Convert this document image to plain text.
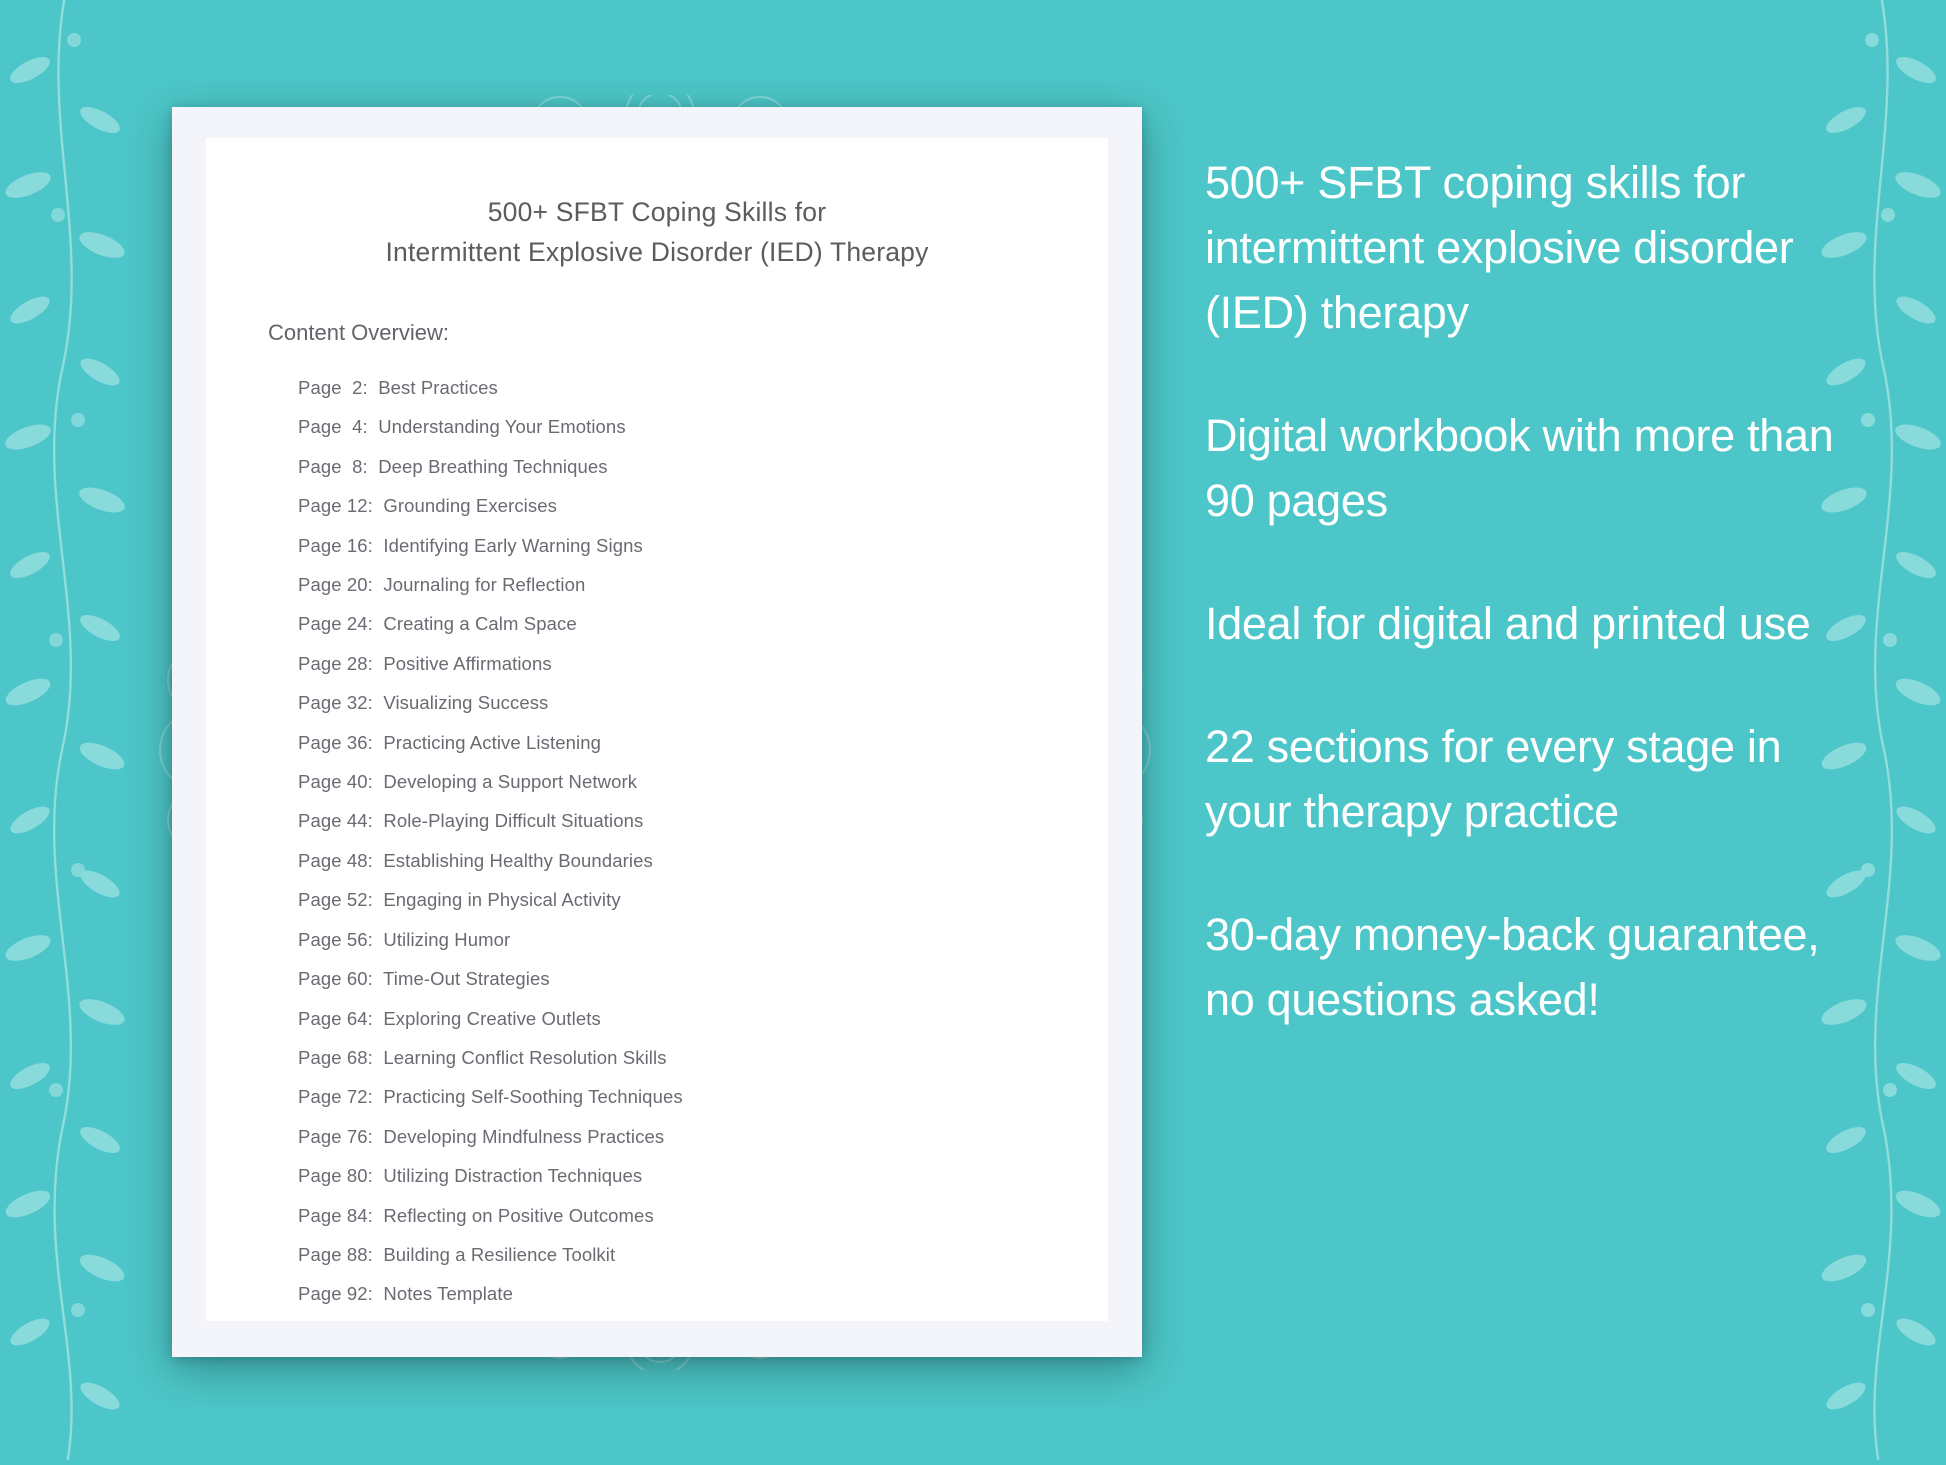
500+ SFBT Coping Skills for
Intermittent Explosive Disorder (IED) Therapy
Content Overview:
Page  2:  Best Practices
Page  4:  Understanding Your Emotions
Page  8:  Deep Breathing Techniques
Page 12:  Grounding Exercises
Page 16:  Identifying Early Warning Signs
Page 20:  Journaling for Reflection
Page 24:  Creating a Calm Space
Page 28:  Positive Affirmations
Page 32:  Visualizing Success
Page 36:  Practicing Active Listening
Page 40:  Developing a Support Network
Page 44:  Role-Playing Difficult Situations
Page 48:  Establishing Healthy Boundaries
Page 52:  Engaging in Physical Activity
Page 56:  Utilizing Humor
Page 60:  Time-Out Strategies
Page 64:  Exploring Creative Outlets
Page 68:  Learning Conflict Resolution Skills
Page 72:  Practicing Self-Soothing Techniques
Page 76:  Developing Mindfulness Practices
Page 80:  Utilizing Distraction Techniques
Page 84:  Reflecting on Positive Outcomes
Page 88:  Building a Resilience Toolkit
Page 92:  Notes Template

500+ SFBT coping skills for intermittent explosive disorder (IED) therapy

Digital workbook with more than 90 pages

Ideal for digital and printed use

22 sections for every stage in your therapy practice

30-day money-back guarantee, no questions asked!
